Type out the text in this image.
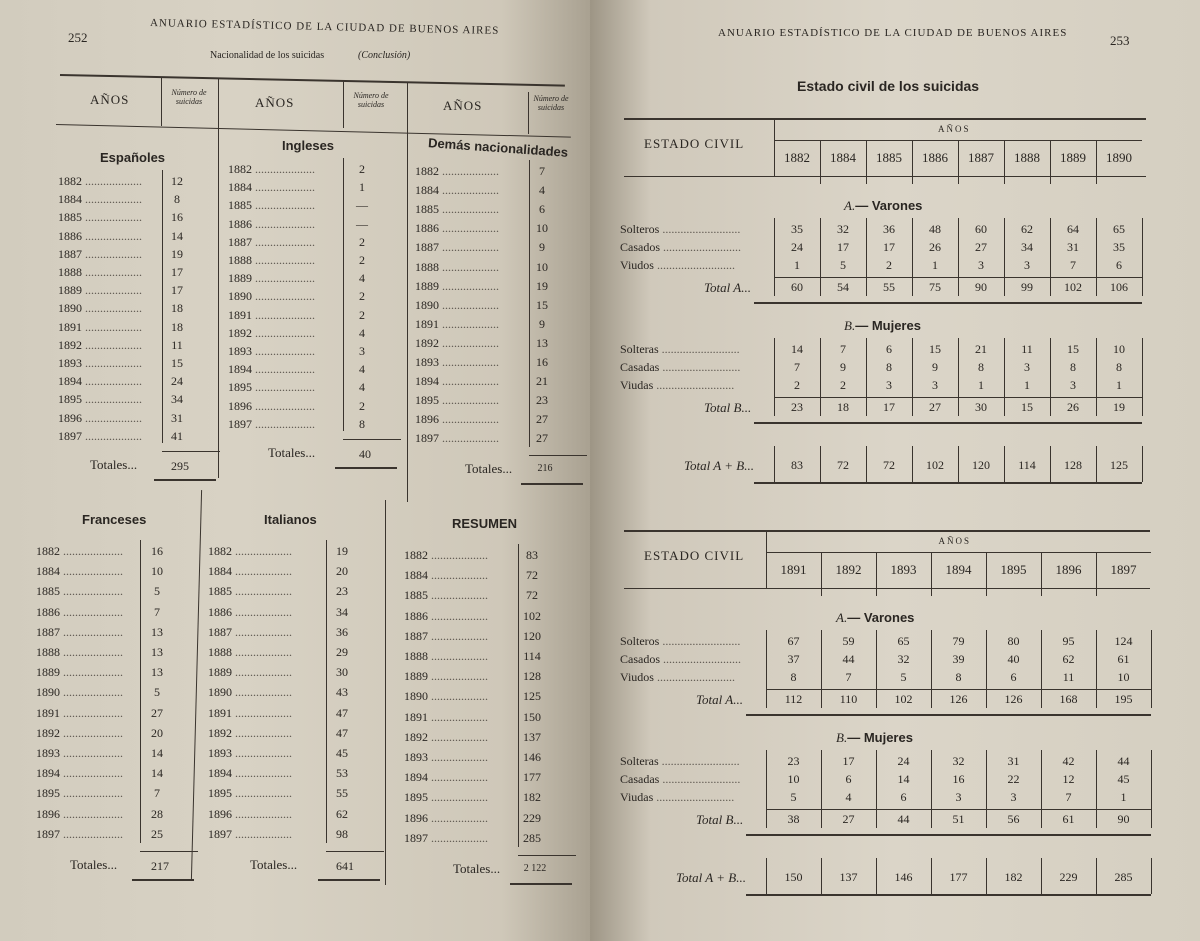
252
ANUARIO ESTADÍSTICO DE LA CIUDAD DE BUENOS AIRES
Nacionalidad de los suicidas	(Conclusión)
AÑOS	Número de suicidas	AÑOS	Número de suicidas	AÑOS	Número de suicidas
Españoles
1882 ...................	12
1884 ...................	8
1885 ...................	16
1886 ...................	14
1887 ...................	19
1888 ...................	17
1889 ...................	17
1890 ...................	18
1891 ...................	18
1892 ...................	11
1893 ...................	15
1894 ...................	24
1895 ...................	34
1896 ...................	31
1897 ...................	41
Totales...	295
Ingleses
1882 ....................	2
1884 ....................	1
1885 ....................	—
1886 ....................	—
1887 ....................	2
1888 ....................	2
1889 ....................	4
1890 ....................	2
1891 ....................	2
1892 ....................	4
1893 ....................	3
1894 ....................	4
1895 ....................	4
1896 ....................	2
1897 ....................	8
Totales...	40
Demás nacionalidades
1882 ...................	7
1884 ...................	4
1885 ...................	6
1886 ...................	10
1887 ...................	9
1888 ...................	10
1889 ...................	19
1890 ...................	15
1891 ...................	9
1892 ...................	13
1893 ...................	16
1894 ...................	21
1895 ...................	23
1896 ...................	27
1897 ...................	27
Totales...	216
Franceses
1882 ....................	16
1884 ....................	10
1885 ....................	5
1886 ....................	7
1887 ....................	13
1888 ....................	13
1889 ....................	13
1890 ....................	5
1891 ....................	27
1892 ....................	20
1893 ....................	14
1894 ....................	14
1895 ....................	7
1896 ....................	28
1897 ....................	25
Totales...	217
Italianos
1882 ...................	19
1884 ...................	20
1885 ...................	23
1886 ...................	34
1887 ...................	36
1888 ...................	29
1889 ...................	30
1890 ...................	43
1891 ...................	47
1892 ...................	47
1893 ...................	45
1894 ...................	53
1895 ...................	55
1896 ...................	62
1897 ...................	98
Totales...	641
RESUMEN
1882 ...................	83
1884 ...................	72
1885 ...................	72
1886 ...................	102
1887 ...................	120
1888 ...................	114
1889 ...................	128
1890 ...................	125
1891 ...................	150
1892 ...................	137
1893 ...................	146
1894 ...................	177
1895 ...................	182
1896 ...................	229
1897 ...................	285
Totales...	2 122
ANUARIO ESTADÍSTICO DE LA CIUDAD DE BUENOS AIRES	253
Estado civil de los suicidas
ESTADO CIVIL
AÑOS
1882	1884	1885	1886	1887	1888	1889	1890
A.— Varones
Solteros ..........................	35	32	36	48	60	62	64	65
Casados ..........................	24	17	17	26	27	34	31	35
Viudos ..........................	1	5	2	1	3	3	7	6
Total A...	60	54	55	75	90	99	102	106
B.— Mujeres
Solteras ..........................	14	7	6	15	21	11	15	10
Casadas ..........................	7	9	8	9	8	3	8	8
Viudas ..........................	2	2	3	3	1	1	3	1
Total B...	23	18	17	27	30	15	26	19
Total A + B...	83	72	72	102	120	114	128	125
ESTADO CIVIL
AÑOS
1891	1892	1893	1894	1895	1896	1897
A.— Varones
Solteros ..........................	67	59	65	79	80	95	124
Casados ..........................	37	44	32	39	40	62	61
Viudos ..........................	8	7	5	8	6	11	10
Total A...	112	110	102	126	126	168	195
B.— Mujeres
Solteras ..........................	23	17	24	32	31	42	44
Casadas ..........................	10	6	14	16	22	12	45
Viudas ..........................	5	4	6	3	3	7	1
Total B...	38	27	44	51	56	61	90
Total A + B...	150	137	146	177	182	229	285
